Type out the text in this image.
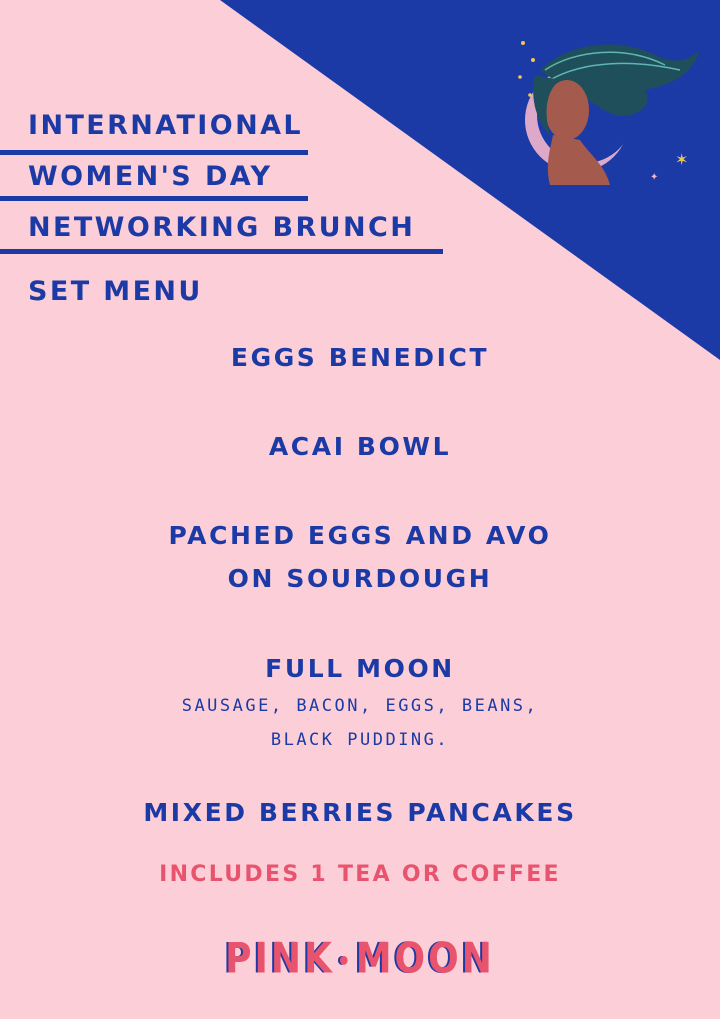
✶
✦
INTERNATIONAL
WOMEN'S DAY
NETWORKING BRUNCH
SET MENU
EGGS BENEDICT
ACAI BOWL
PACHED EGGS AND AVO
ON SOURDOUGH
FULL MOON
SAUSAGE, BACON, EGGS, BEANS,
BLACK PUDDING.
MIXED BERRIES PANCAKES
INCLUDES 1 TEA OR COFFEE
PINK•MOON
